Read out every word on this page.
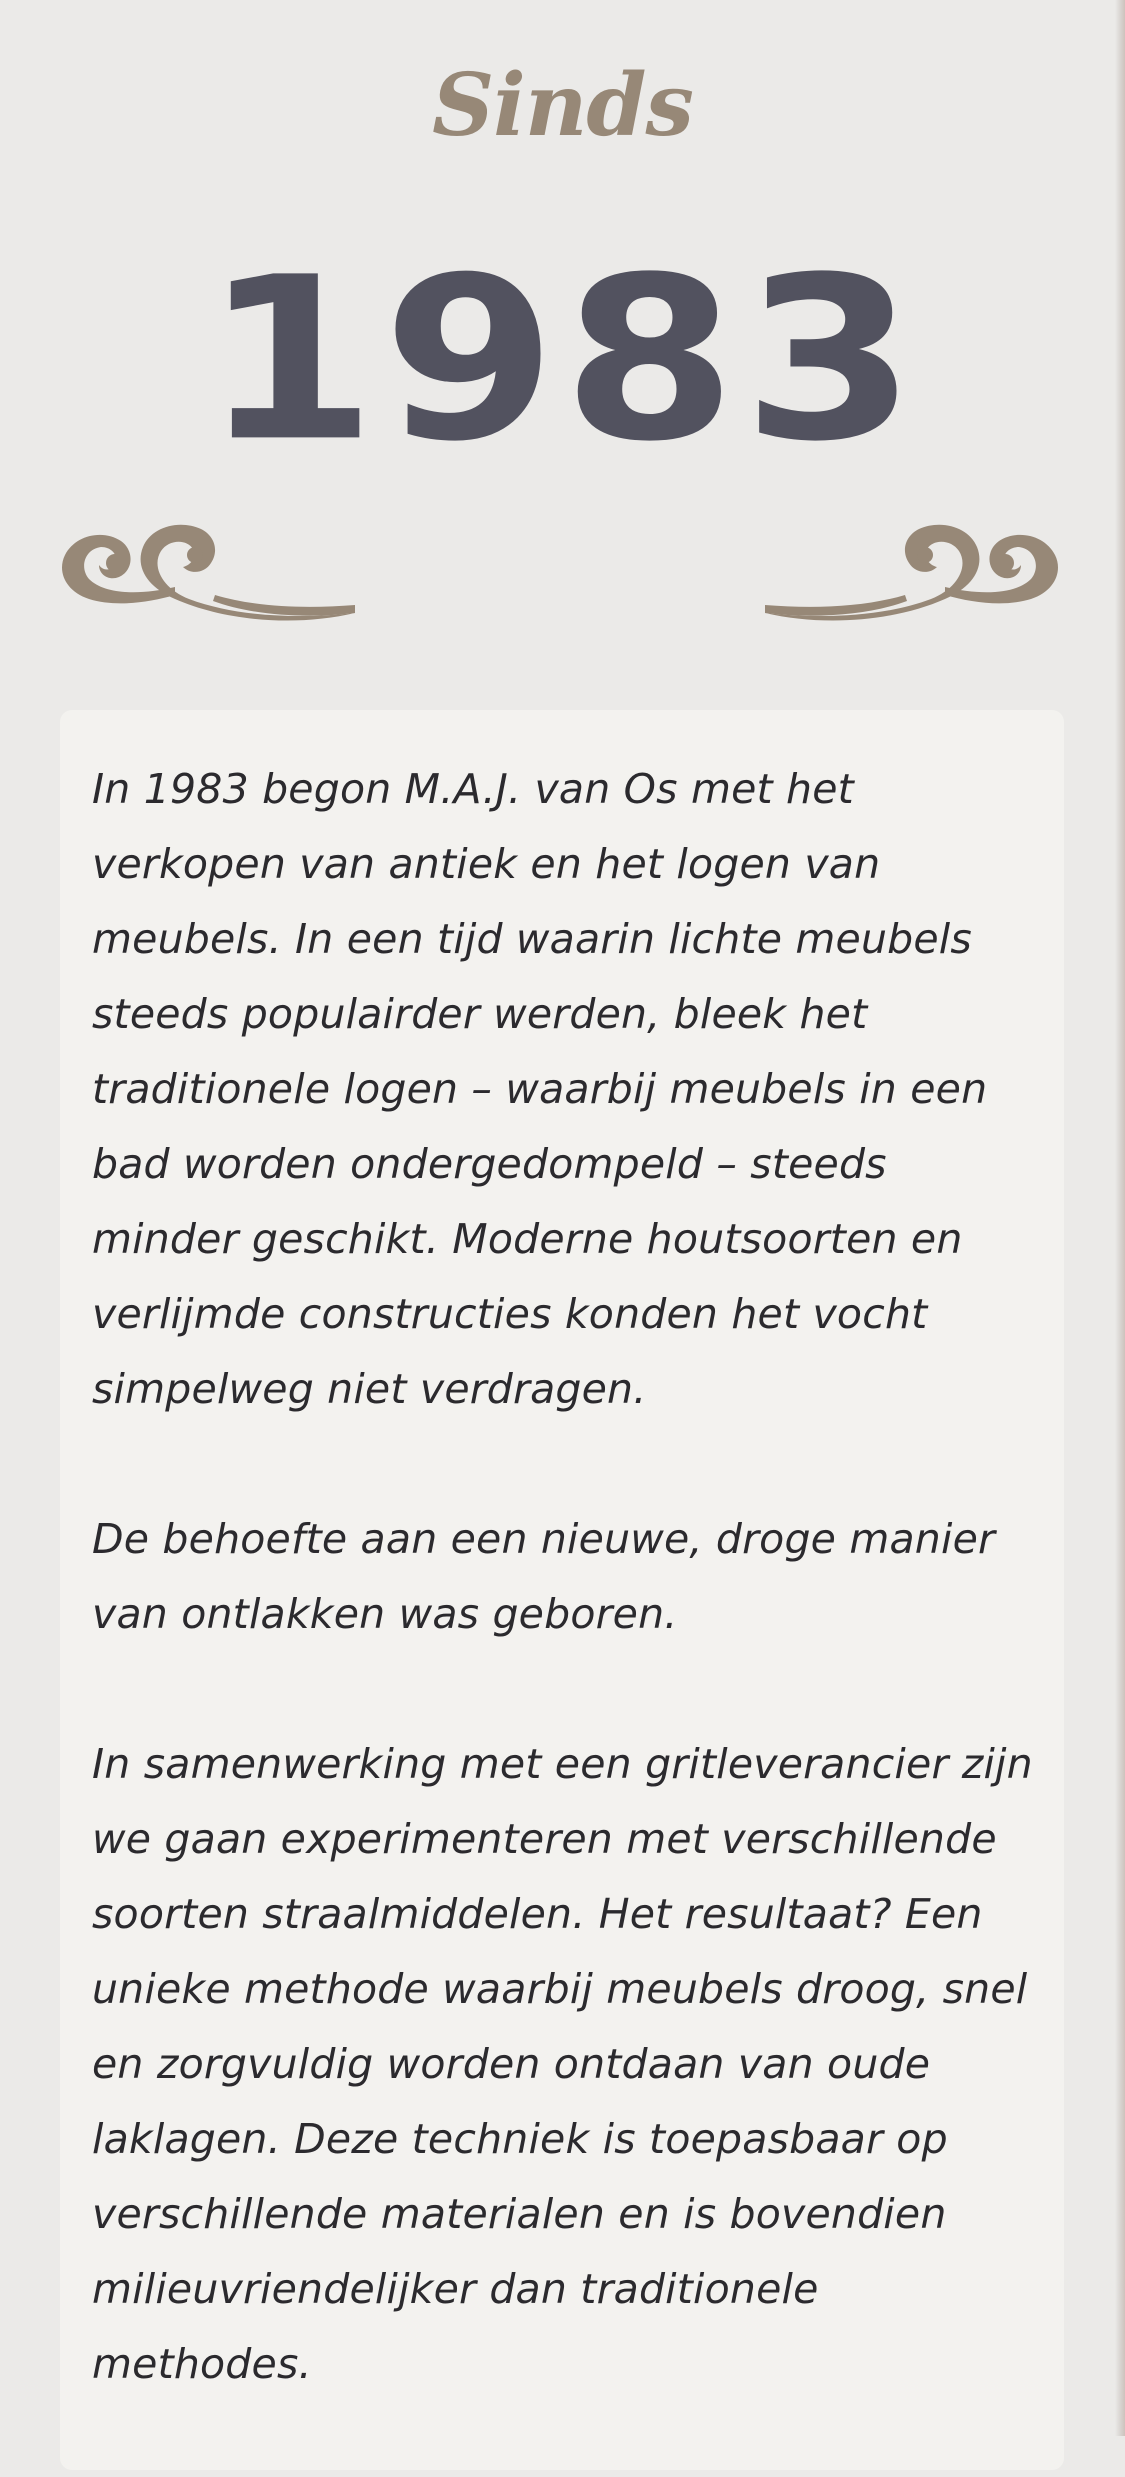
Sinds
1983

In 1983 begon M.A.J. van Os met het verkopen van antiek en het logen van meubels. In een tijd waarin lichte meubels steeds populairder werden, bleek het traditionele logen – waarbij meubels in een bad worden ondergedompeld – steeds minder geschikt. Moderne houtsoorten en verlijmde constructies konden het vocht simpelweg niet verdragen.

De behoefte aan een nieuwe, droge manier van ontlakken was geboren.

In samenwerking met een gritleverancier zijn we gaan experimenteren met verschillende soorten straalmiddelen. Het resultaat? Een unieke methode waarbij meubels droog, snel en zorgvuldig worden ontdaan van oude laklagen. Deze techniek is toepasbaar op verschillende materialen en is bovendien milieuvriendelijker dan traditionele methodes.
